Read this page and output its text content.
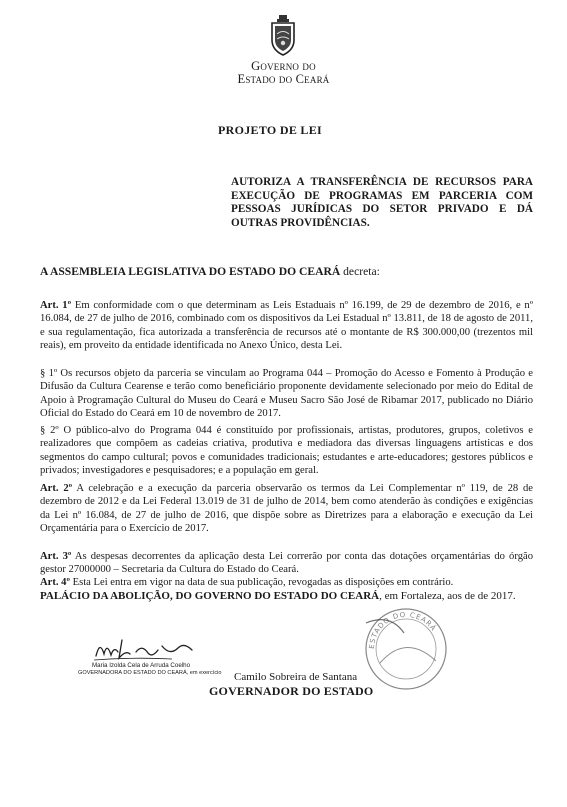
Governo do
Estado do Ceará
PROJETO DE LEI
AUTORIZA A TRANSFERÊNCIA DE RECURSOS PARA EXECUÇÃO DE PROGRAMAS EM PARCERIA COM PESSOAS JURÍDICAS DO SETOR PRIVADO E DÁ OUTRAS PROVIDÊNCIAS.
A ASSEMBLEIA LEGISLATIVA DO ESTADO DO CEARÁ decreta:
Art. 1º Em conformidade com o que determinam as Leis Estaduais nº 16.199, de 29 de dezembro de 2016, e nº 16.084, de 27 de julho de 2016, combinado com os dispositivos da Lei Estadual nº 13.811, de 18 de agosto de 2011, e sua regulamentação, fica autorizada a transferência de recursos até o montante de R$ 300.000,00 (trezentos mil reais), em proveito da entidade identificada no Anexo Único, desta Lei.
§ 1º Os recursos objeto da parceria se vinculam ao Programa 044 – Promoção do Acesso e Fomento à Produção e Difusão da Cultura Cearense e terão como beneficiário proponente devidamente selecionado por meio do Edital de Apoio à Programação Cultural do Museu do Ceará e Museu Sacro São José de Ribamar 2017, publicado no Diário Oficial do Estado do Ceará em 10 de novembro de 2017.
§ 2º O público-alvo do Programa 044 é constituído por profissionais, artistas, produtores, grupos, coletivos e realizadores que compõem as cadeias criativa, produtiva e mediadora das diversas linguagens artísticas e dos segmentos do campo cultural; povos e comunidades tradicionais; estudantes e arte-educadores; gestores públicos e privados; investigadores e pesquisadores; e a população em geral.
Art. 2º A celebração e a execução da parceria observarão os termos da Lei Complementar nº 119, de 28 de dezembro de 2012 e da Lei Federal 13.019 de 31 de julho de 2014, bem como atenderão às condições e exigências da Lei nº 16.084, de 27 de julho de 2016, que dispõe sobre as Diretrizes para a elaboração e execução da Lei Orçamentária para o Exercício de 2017.
Art. 3º As despesas decorrentes da aplicação desta Lei correrão por conta das dotações orçamentárias do órgão gestor 27000000 – Secretaria da Cultura do Estado do Ceará.
Art. 4º Esta Lei entra em vigor na data de sua publicação, revogadas as disposições em contrário.
PALÁCIO DA ABOLIÇÃO, DO GOVERNO DO ESTADO DO CEARÁ, em Fortaleza, aos de de 2017.
Maria Izolda Cela de Arruda Coelho
GOVERNADORA DO ESTADO DO CEARÁ, em exercício
ESTADO DO CEARÁ
Camilo Sobreira de Santana
GOVERNADOR DO ESTADO
